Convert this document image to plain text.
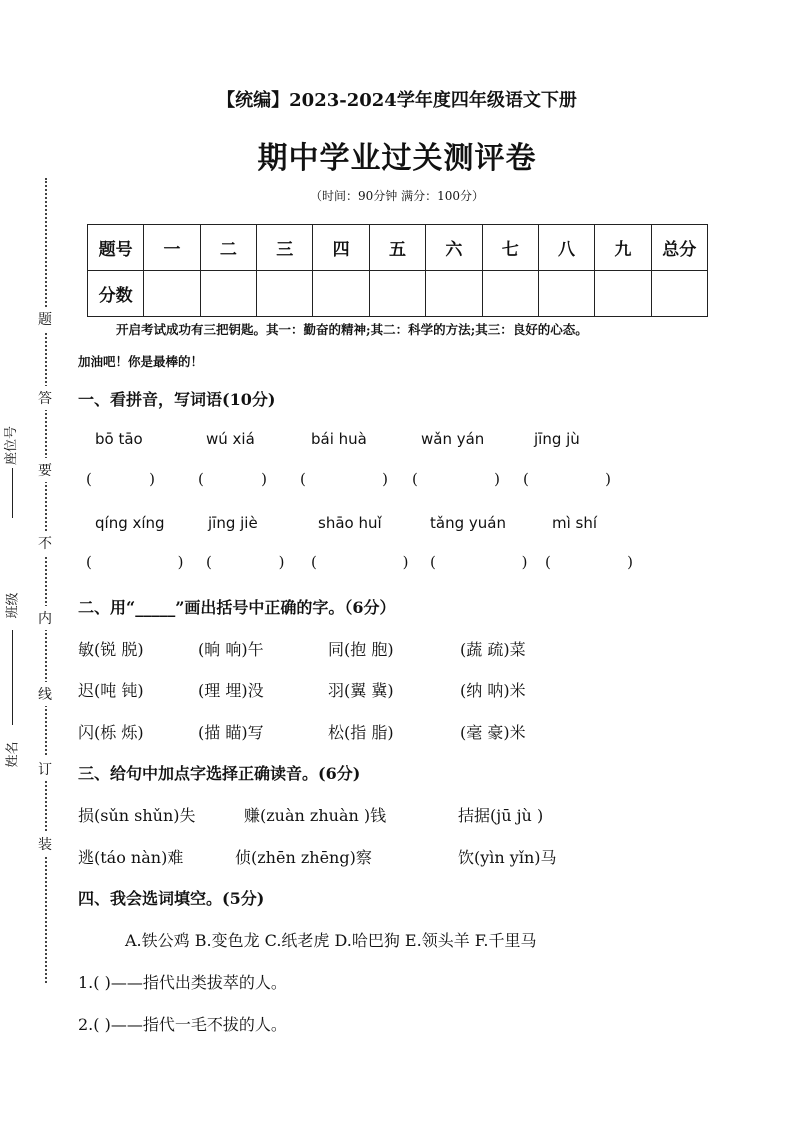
【统编】2023-2024学年度四年级语文下册
期中学业过关测评卷
（时间：90分钟 满分：100分）
题号	一	二	三	四	五	六	七	八	九	总分
分数										
开启考试成功有三把钥匙。其一：勤奋的精神;其二：科学的方法;其三：良好的心态。
加油吧！你是最棒的！
一、看拼音，写词语(10分)
bō tāo	wú xiá	bái huà	wǎn yán	jīng jù
(            )	(            ) (                ) (                ) (                )
qíng xíng	jīng jiè	shāo huǐ	tǎng yuán	mì shí
(                  ) (              ) (                  ) (                  ) (                )
二、用“_____”画出括号中正确的字。（6分）
敏(锐 脱)	(晌 响)午	同(抱 胞)	(蔬 疏)菜
迟(吨 钝)	(理 埋)没	羽(翼 冀)	(纳 呐)米
闪(栎 烁)	(描 瞄)写	松(指 脂)	(毫 豪)米
三、给句中加点字选择正确读音。(6分)
损(sǔn shǔn)失	赚(zuàn zhuàn )钱	拮据(jū jù )
逃(táo nàn)难	侦(zhēn zhēng)察	饮(yìn yǐn)马
四、我会选词填空。(5分)
A.铁公鸡 B.变色龙 C.纸老虎 D.哈巴狗 E.领头羊 F.千里马
1.( )——指代出类拔萃的人。
2.( )——指代一毛不拔的人。
题
答
要
不
内
线
订
装
座位号
班级
姓名
